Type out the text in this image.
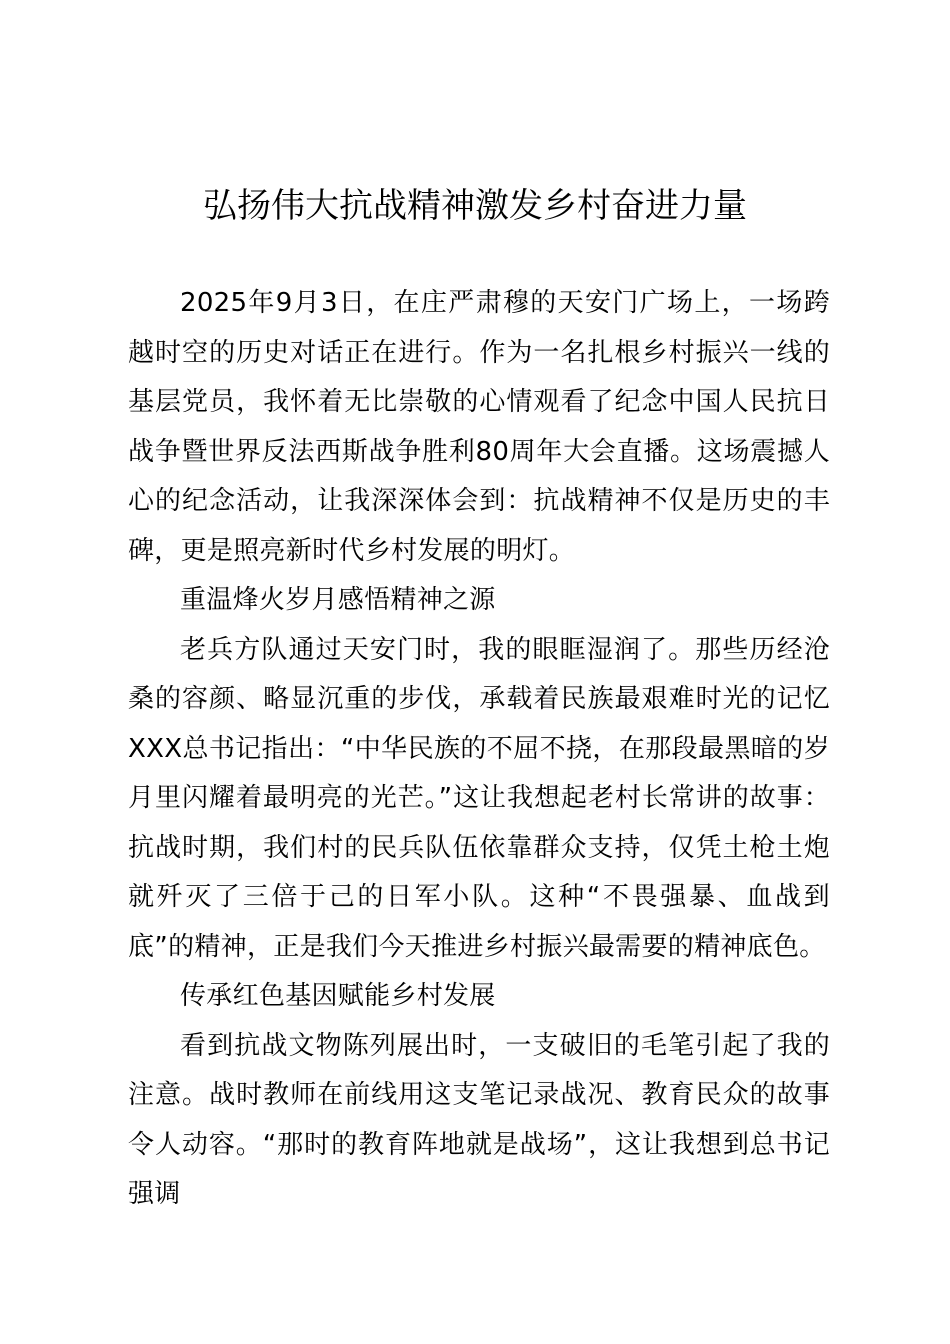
弘扬伟大抗战精神激发乡村奋进力量

2025年9月3日，在庄严肃穆的天安门广场上，一场跨越时空的历史对话正在进行。作为一名扎根乡村振兴一线的基层党员，我怀着无比崇敬的心情观看了纪念中国人民抗日战争暨世界反法西斯战争胜利80周年大会直播。这场震撼人心的纪念活动，让我深深体会到：抗战精神不仅是历史的丰碑，更是照亮新时代乡村发展的明灯。

重温烽火岁月感悟精神之源

老兵方队通过天安门时，我的眼眶湿润了。那些历经沧桑的容颜、略显沉重的步伐，承载着民族最艰难时光的记忆XXX总书记指出：“中华民族的不屈不挠，在那段最黑暗的岁月里闪耀着最明亮的光芒。”这让我想起老村长常讲的故事：抗战时期，我们村的民兵队伍依靠群众支持，仅凭土枪土炮就歼灭了三倍于己的日军小队。这种“不畏强暴、血战到底”的精神，正是我们今天推进乡村振兴最需要的精神底色。

传承红色基因赋能乡村发展

看到抗战文物陈列展出时，一支破旧的毛笔引起了我的注意。战时教师在前线用这支笔记录战况、教育民众的故事令人动容。“那时的教育阵地就是战场”，这让我想到总书记强调
